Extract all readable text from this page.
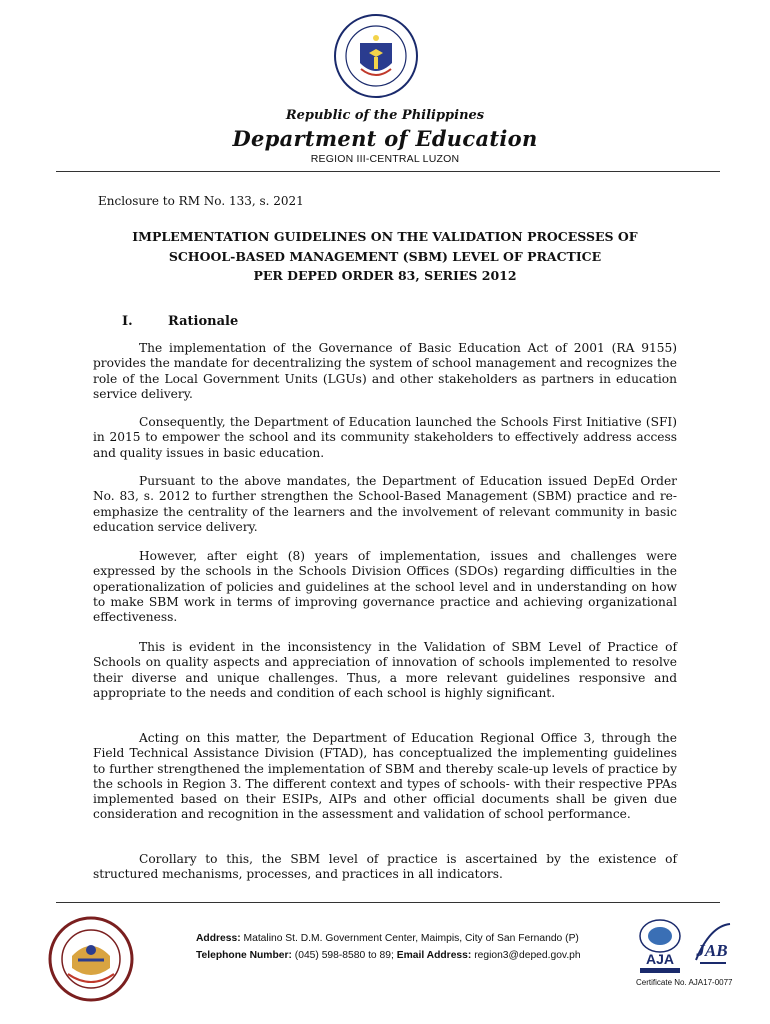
Republic of the Philippines
Department of Education
REGION III-CENTRAL LUZON
Enclosure to RM No. 133, s. 2021
IMPLEMENTATION GUIDELINES ON THE VALIDATION PROCESSES OF
SCHOOL-BASED MANAGEMENT (SBM) LEVEL OF PRACTICE
PER DEPED ORDER 83, SERIES 2012
I.	Rationale
The implementation of the Governance of Basic Education Act of 2001 (RA 9155) provides the mandate for decentralizing the system of school management and recognizes the role of the Local Government Units (LGUs) and other stakeholders as partners in education service delivery.
Consequently, the Department of Education launched the Schools First Initiative (SFI) in 2015 to empower the school and its community stakeholders to effectively address access and quality issues in basic education.
Pursuant to the above mandates, the Department of Education issued DepEd Order No. 83, s. 2012 to further strengthen the School-Based Management (SBM) practice and re-emphasize the centrality of the learners and the involvement of relevant community in basic education service delivery.
However, after eight (8) years of implementation, issues and challenges were expressed by the schools in the Schools Division Offices (SDOs) regarding difficulties in the operationalization of policies and guidelines at the school level and in understanding on how to make SBM work in terms of improving governance practice and achieving organizational effectiveness.
This is evident in the inconsistency in the Validation of SBM Level of Practice of Schools on quality aspects and appreciation of innovation of schools implemented to resolve their diverse and unique challenges. Thus, a more relevant guidelines responsive and appropriate to the needs and condition of each school is highly significant.
Acting on this matter, the Department of Education Regional Office 3, through the Field Technical Assistance Division (FTAD), has conceptualized the implementing guidelines to further strengthened the implementation of SBM and thereby scale-up levels of practice by the schools in Region 3. The different context and types of schools- with their respective PPAs implemented based on their ESIPs, AIPs and other official documents shall be given due consideration and recognition in the assessment and validation of school performance.
Corollary to this, the SBM level of practice is ascertained by the existence of structured mechanisms, processes, and practices in all indicators.
Address: Matalino St. D.M. Government Center, Maimpis, City of San Fernando (P)
Telephone Number: (045) 598-8580 to 89; Email Address: region3@deped.gov.ph	AJA JAB
Certificate No. AJA17-0077
